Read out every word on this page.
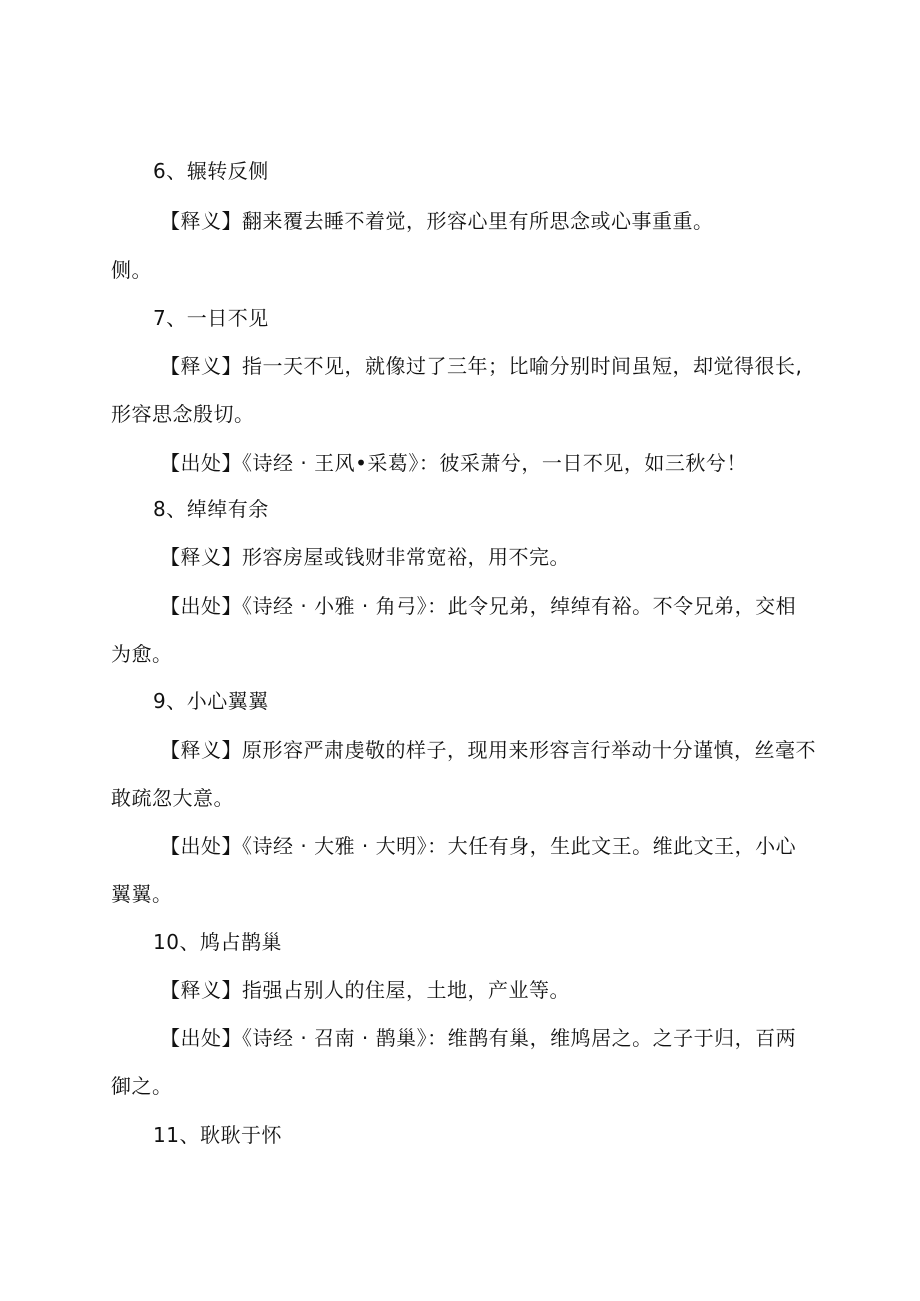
6、辗转反侧
【释义】翻来覆去睡不着觉，形容心里有所思念或心事重重。
侧。
7、一日不见
【释义】指一天不见，就像过了三年；比喻分别时间虽短，却觉得很长,
形容思念殷切。
【出处】《诗经 · 王风•采葛》：彼采萧兮，一日不见，如三秋兮！
8、绰绰有余
【释义】形容房屋或钱财非常宽裕，用不完。
【出处】《诗经 · 小雅 · 角弓》：此令兄弟，绰绰有裕。不令兄弟，交相
为愈。
9、小心翼翼
【释义】原形容严肃虔敬的样子，现用来形容言行举动十分谨慎，丝毫不
敢疏忽大意。
【出处】《诗经 · 大雅 · 大明》：大任有身，生此文王。维此文王，小心
翼翼。
10、鸠占鹊巢
【释义】指强占别人的住屋，土地，产业等。
【出处】《诗经 · 召南 · 鹊巢》：维鹊有巢，维鸠居之。之子于归，百两
御之。
11、耿耿于怀
